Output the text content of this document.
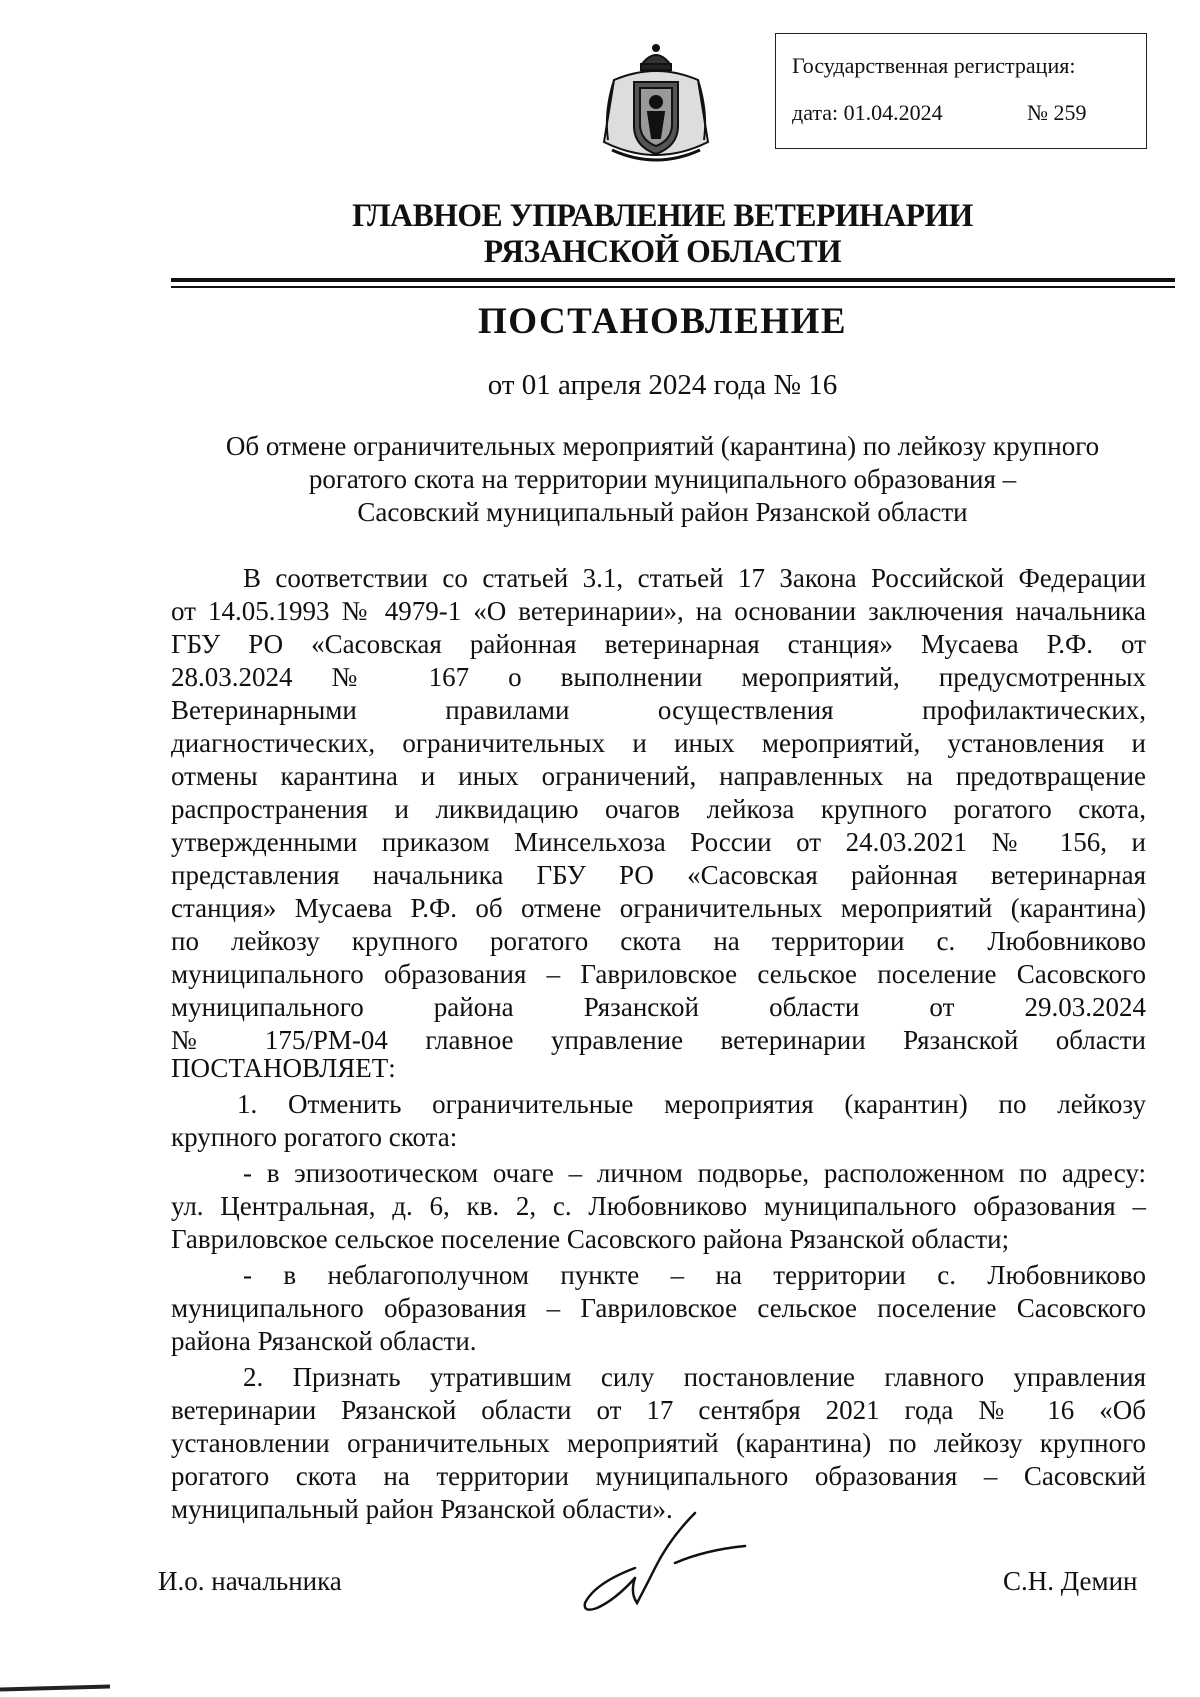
Государственная регистрация:
дата: 01.04.2024	№ 259
ГЛАВНОЕ УПРАВЛЕНИЕ ВЕТЕРИНАРИИ
РЯЗАНСКОЙ ОБЛАСТИ
ПОСТАНОВЛЕНИЕ
от 01 апреля 2024 года № 16
Об отмене ограничительных мероприятий (карантина) по лейкозу крупного
рогатого скота на территории муниципального образования –
Сасовский муниципальный район Рязанской области
В соответствии со статьей 3.1, статьей 17 Закона Российской Федерации
от 14.05.1993 № 4979-1 «О ветеринарии», на основании заключения начальника
ГБУ РО «Сасовская районная ветеринарная станция» Мусаева Р.Ф. от
28.03.2024 № 167 о выполнении мероприятий, предусмотренных
Ветеринарными правилами осуществления профилактических,
диагностических, ограничительных и иных мероприятий, установления и
отмены карантина и иных ограничений, направленных на предотвращение
распространения и ликвидацию очагов лейкоза крупного рогатого скота,
утвержденными приказом Минсельхоза России от 24.03.2021 № 156, и
представления начальника ГБУ РО «Сасовская районная ветеринарная
станция» Мусаева Р.Ф. об отмене ограничительных мероприятий (карантина)
по лейкозу крупного рогатого скота на территории с. Любовниково
муниципального образования – Гавриловское сельское поселение Сасовского
муниципального района Рязанской области от 29.03.2024
№ 175/РМ-04 главное управление ветеринарии Рязанской области
ПОСТАНОВЛЯЕТ:
1. Отменить ограничительные мероприятия (карантин) по лейкозу
крупного рогатого скота:
- в эпизоотическом очаге – личном подворье, расположенном по адресу:
ул. Центральная, д. 6, кв. 2, с. Любовниково муниципального образования –
Гавриловское сельское поселение Сасовского района Рязанской области;
- в неблагополучном пункте – на территории с. Любовниково
муниципального образования – Гавриловское сельское поселение Сасовского
района Рязанской области.
2. Признать утратившим силу постановление главного управления
ветеринарии Рязанской области от 17 сентября 2021 года № 16 «Об
установлении ограничительных мероприятий (карантина) по лейкозу крупного
рогатого скота на территории муниципального образования – Сасовский
муниципальный район Рязанской области».
И.о. начальника	С.Н. Демин
